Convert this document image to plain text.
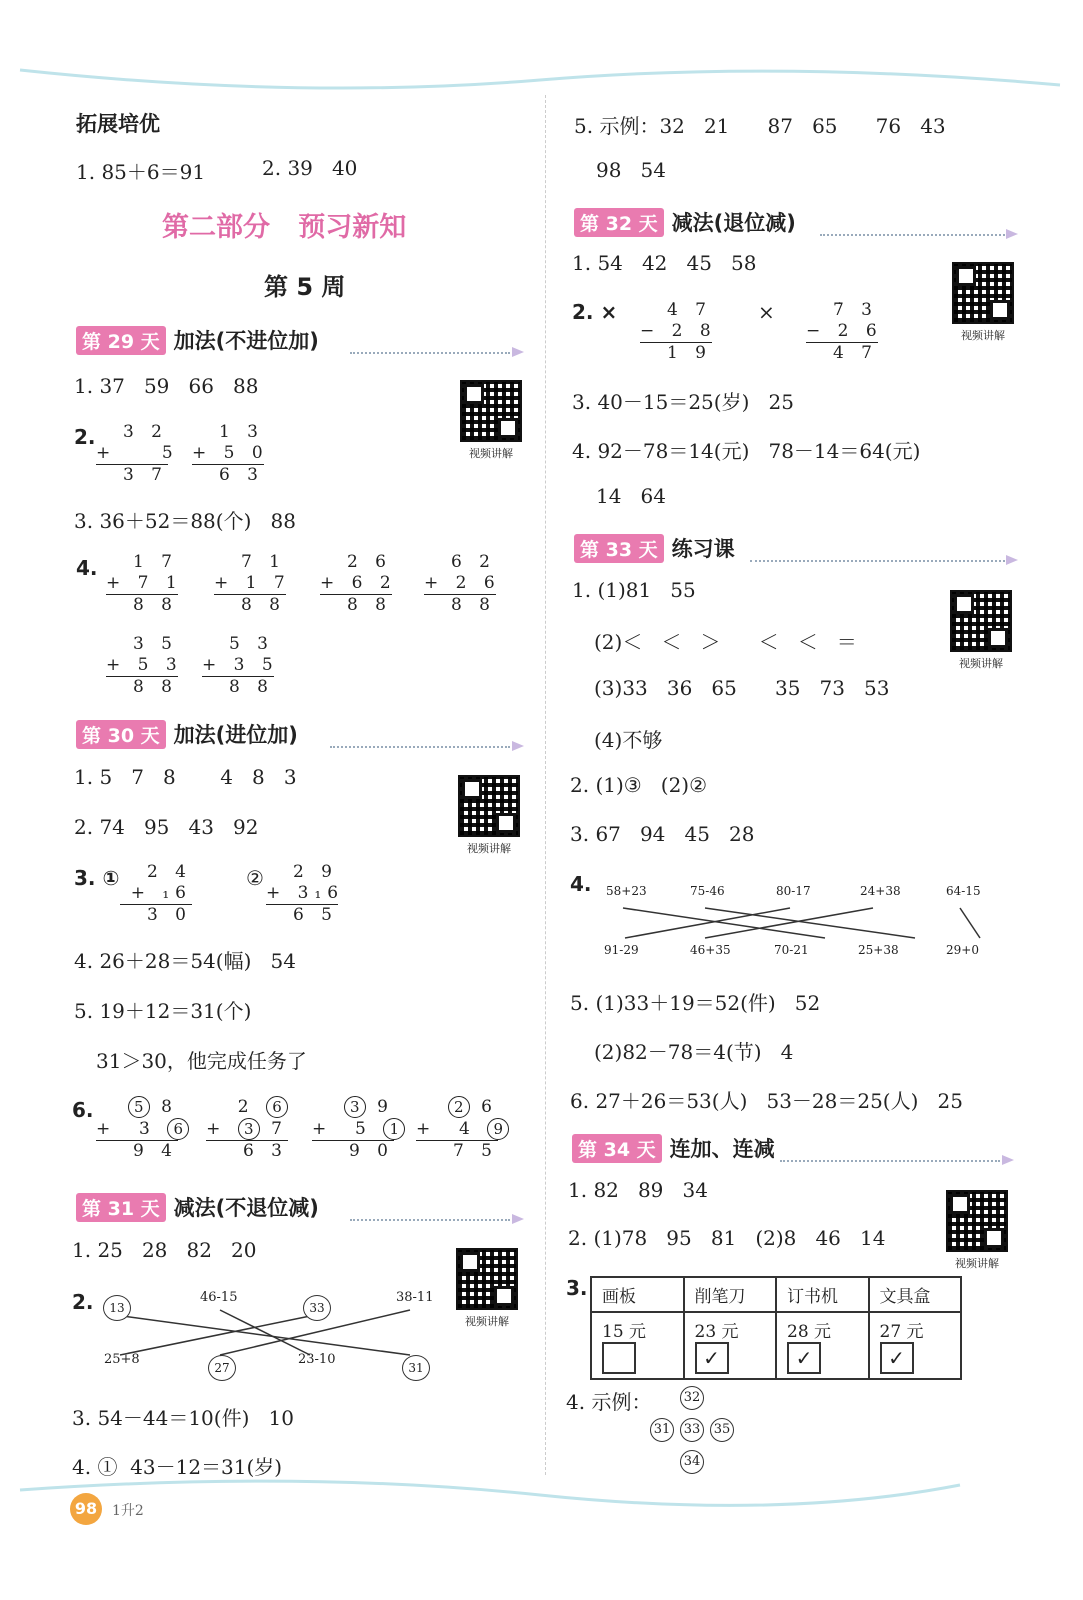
拓展培优
1. 85＋6＝91	2. 39   40
第二部分   预习新知
第 5 周
第 29 天 加法(不进位加)
1. 37   59   66   88
视频讲解
2.	3 2
+    5
3 7
1 3
+ 5 0
6 3
3. 36＋52＝88(个)   88
4.	1 7
+ 7 1
8 8
7 1
+ 1 7
8 8
2 6
+ 6 2
8 8
6 2
+ 2 6
8 8
3 5
+ 5 3
8 8
5 3
+ 3 5
8 8
第 30 天 加法(进位加)
1. 5   7   8       4   8   3
视频讲解
2. 74   95   43   92
3. ①	2 4
+ ₁6
3 0
②	2 9
+ 3₁6
6 5
4. 26＋28＝54(幅)   54
5. 19＋12＝31(个)
31＞30，他完成任务了
6.	5 8
+  3 6
9 4
2 6
+ 3 7
6 3
3 9
+  5 1
9 0
2 6
+  4 9
7 5
第 31 天 减法(不退位减)
1. 25   28   82   20
视频讲解
2.	13
46-15
33
38-11
25+8
27
23-10
31
3. 54－44＝10(件)   10
4. ①  43－12＝31(岁)
5. 示例：32   21      87   65      76   43
98   54
第 32 天 减法(退位减)
1. 54   42   45   58
视频讲解
2. ×	4̇ 7
− 2 8
1 9
×	7̇ 3
− 2 6
4 7
3. 40－15＝25(岁)   25
4. 92－78＝14(元)   78－14＝64(元)
14   64
第 33 天 练习课
1. (1)81   55
视频讲解
(2)＜   ＜   ＞      ＜   ＜   ＝
(3)33   36   65      35   73   53
(4)不够
2. (1)③   (2)②
3. 67   94   45   28
4. 58+23	75-46	80-17	24+38	64-15
91-29	46+35	70-21	25+38	29+0
5. (1)33＋19＝52(件)   52
(2)82－78＝4(节)   4
6. 27＋26＝53(人)   53－28＝25(人)   25
第 34 天 连加、连减
1. 82   89   34
视频讲解
2. (1)78   95   81   (2)8   46   14
3. 画板	削笔刀	订书机	文具盒
15 元	23 元 ✓	28 元 ✓	27 元 ✓
4. 示例： 32
31 33 35
34
98	1升2
